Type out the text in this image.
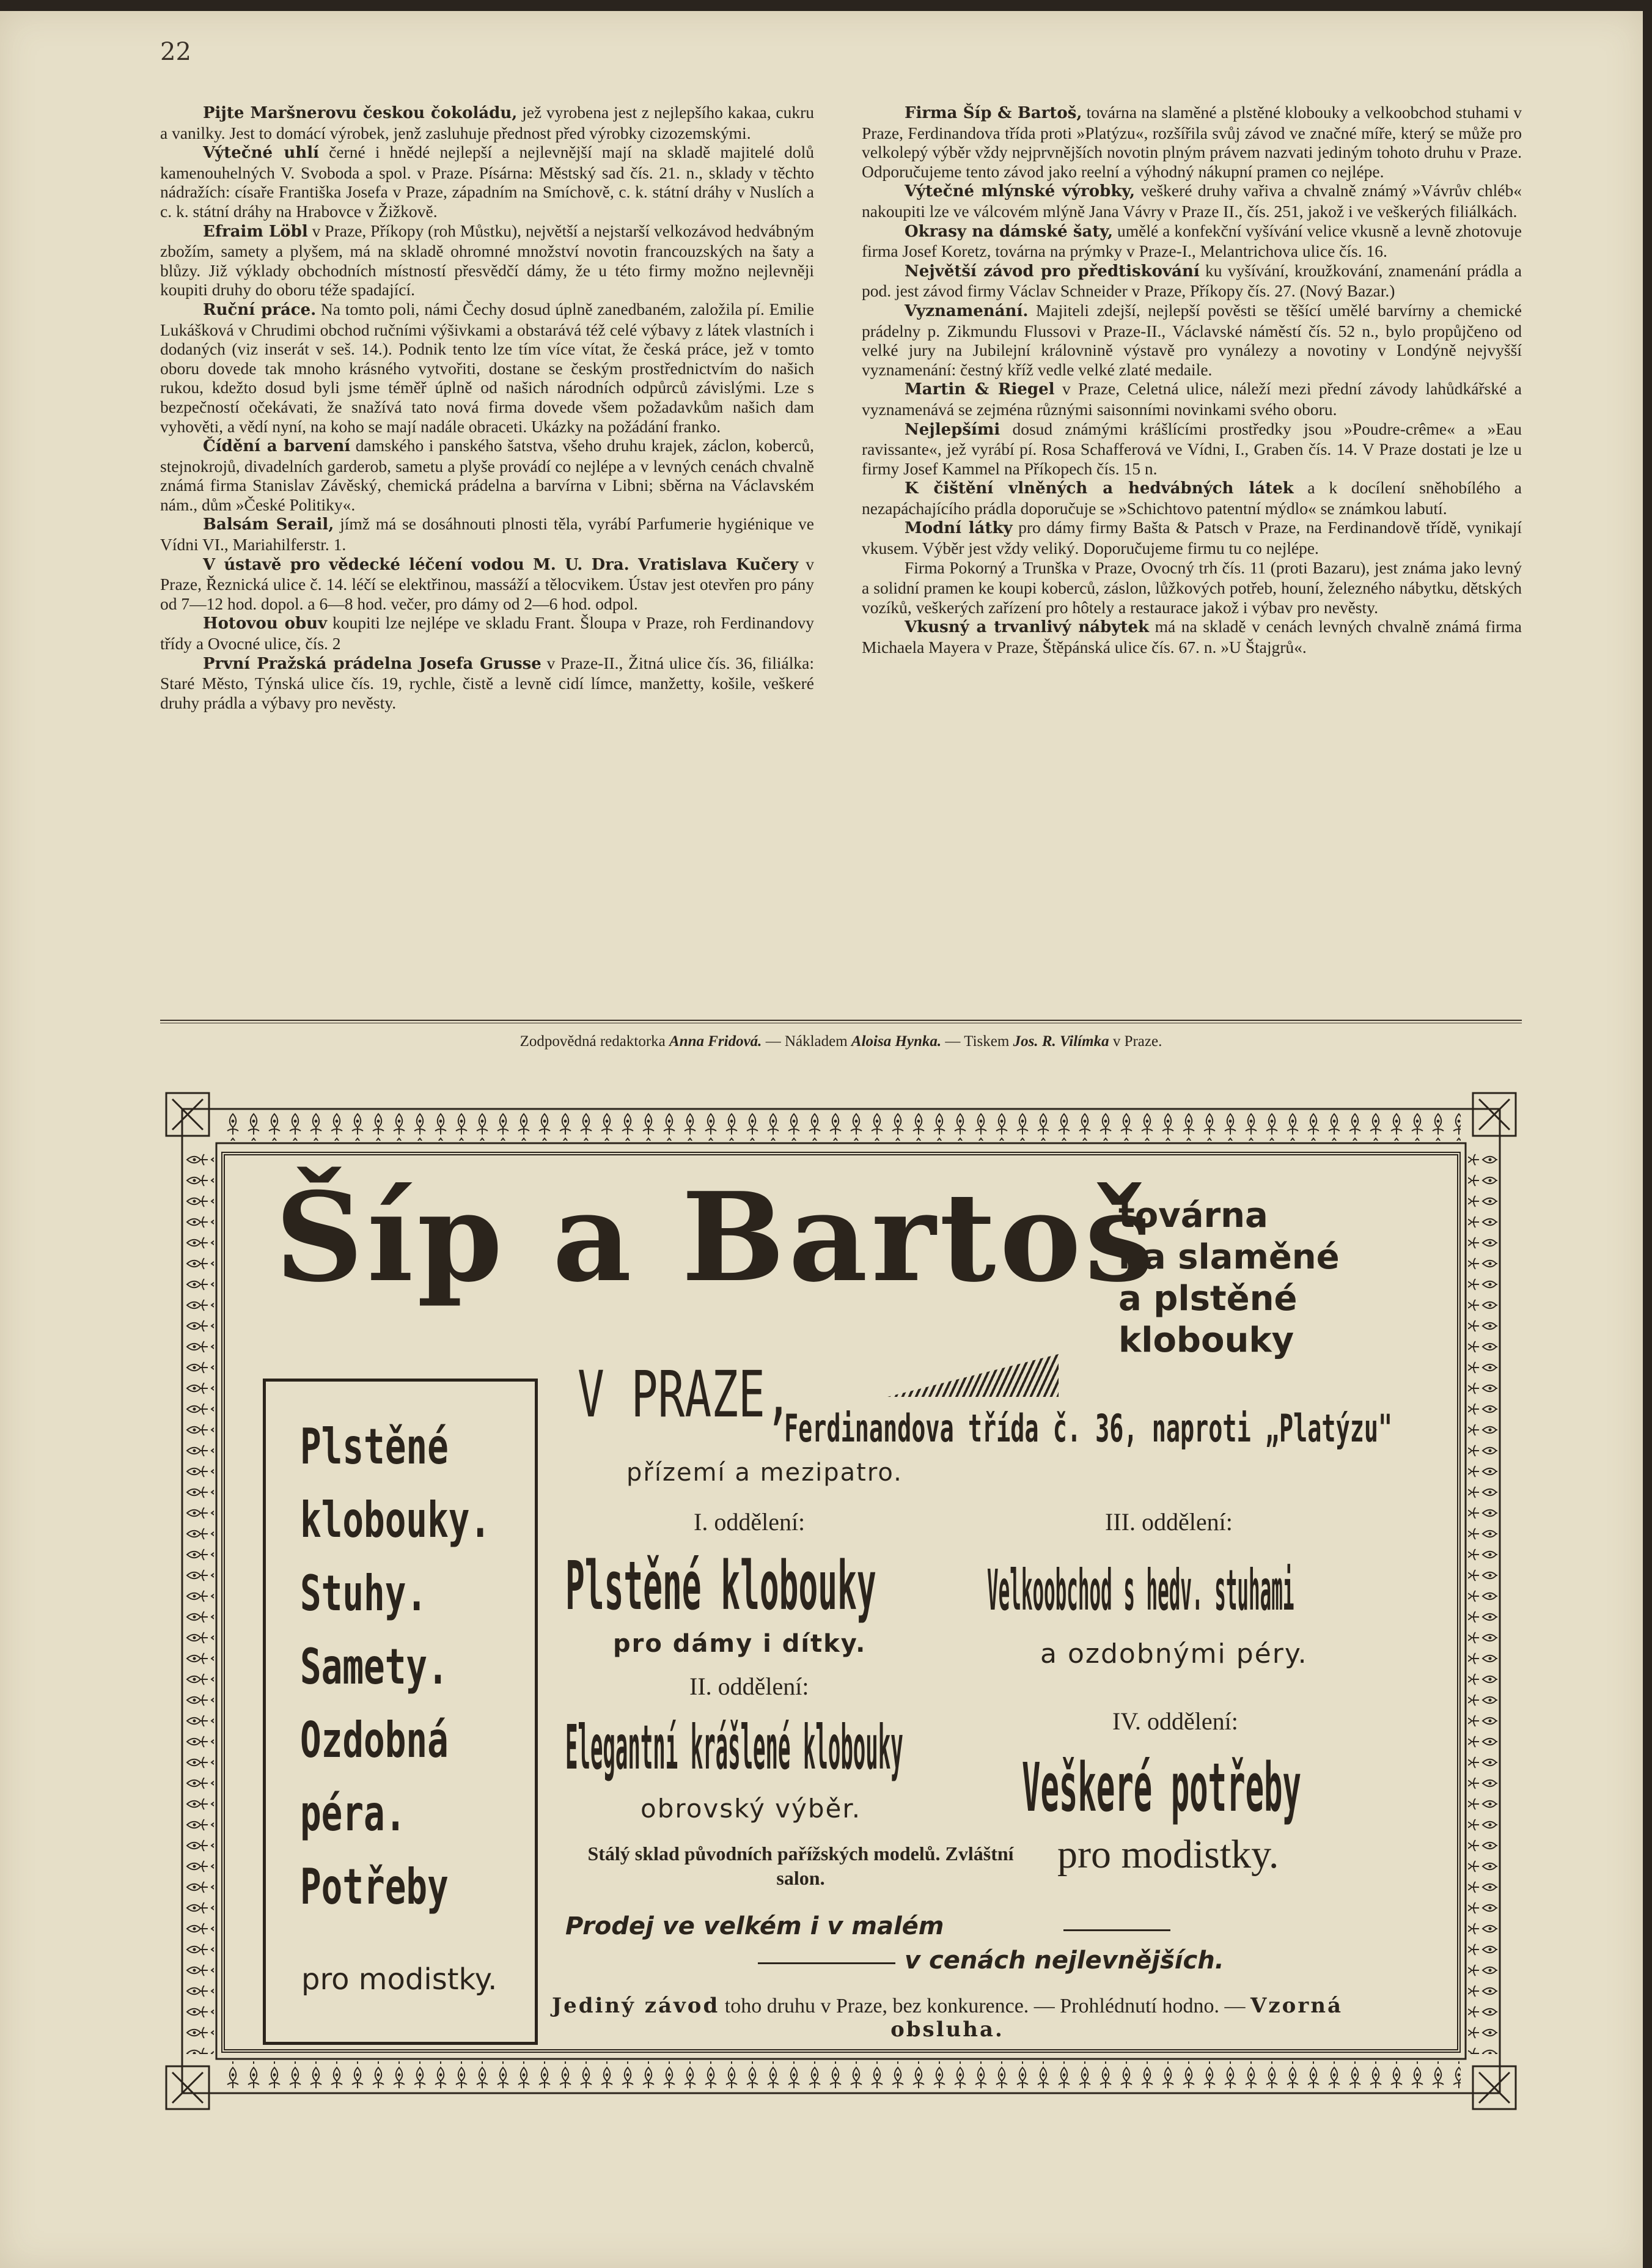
22

Pijte Maršnerovu českou čokoládu, jež vyrobena jest z nejlepšího kakaa, cukru a vanilky. Jest to domácí výrobek, jenž zasluhuje přednost před výrobky cizozemskými.

Výtečné uhlí černé i hnědé nejlepší a nejlevnější mají na skladě majitelé dolů kamenouhelných V. Svoboda a spol. v Praze. Písárna: Městský sad čís. 21. n., sklady v těchto nádražích: císaře Františka Josefa v Praze, západním na Smíchově, c. k. státní dráhy v Nuslích a c. k. státní dráhy na Hrabovce v Žižkově.

Efraim Löbl v Praze, Příkopy (roh Můstku), největší a nejstarší velkozávod hedvábným zbožím, samety a plyšem, má na skladě ohromné množství novotin francouzských na šaty a blůzy. Již výklady obchodních místností přesvědčí dámy, že u této firmy možno nejlevněji koupiti druhy do oboru téže spadající.

Ruční práce. Na tomto poli, námi Čechy dosud úplně zanedbaném, založila pí. Emilie Lukášková v Chrudimi obchod ručními výšivkami a obstarává též celé výbavy z látek vlastních i dodaných (viz inserát v seš. 14.). Podnik tento lze tím více vítat, že česká práce, jež v tomto oboru dovede tak mnoho krásného vytvořiti, dostane se českým prostřednictvím do našich rukou, kdežto dosud byli jsme téměř úplně od našich národních odpůrců závislými. Lze s bezpečností očekávati, že snažívá tato nová firma dovede všem požadavkům našich dam vyhověti, a vědí nyní, na koho se mají nadále obraceti. Ukázky na požádání franko.

Čídění a barvení damského i panského šatstva, všeho druhu krajek, záclon, koberců, stejnokrojů, divadelních garderob, sametu a plyše provádí co nejlépe a v levných cenách chvalně známá firma Stanislav Závěský, chemická prádelna a barvírna v Libni; sběrna na Václavském nám., dům »České Politiky«.

Balsám Serail, jímž má se dosáhnouti plnosti těla, vyrábí Parfumerie hygiénique ve Vídni VI., Mariahilferstr. 1.

V ústavě pro vědecké léčení vodou M. U. Dra. Vratislava Kučery v Praze, Řeznická ulice č. 14. léčí se elektřinou, massáží a tělocvikem. Ústav jest otevřen pro pány od 7—12 hod. dopol. a 6—8 hod. večer, pro dámy od 2—6 hod. odpol.

Hotovou obuv koupiti lze nejlépe ve skladu Frant. Šloupa v Praze, roh Ferdinandovy třídy a Ovocné ulice, čís. 2

První Pražská prádelna Josefa Grusse v Praze-II., Žitná ulice čís. 36, filiálka: Staré Město, Týnská ulice čís. 19, rychle, čistě a levně cidí límce, manžetty, košile, veškeré druhy prádla a výbavy pro nevěsty.

Firma Šíp & Bartoš, továrna na slaměné a plstěné klobouky a velkoobchod stuhami v Praze, Ferdinandova třída proti »Platýzu«, rozšířila svůj závod ve značné míře, který se může pro velkolepý výběr vždy nejprvnějších novotin plným právem nazvati jediným tohoto druhu v Praze. Odporučujeme tento závod jako reelní a výhodný nákupní pramen co nejlépe.

Výtečné mlýnské výrobky, veškeré druhy vařiva a chvalně známý »Vávrův chléb« nakoupiti lze ve válcovém mlýně Jana Vávry v Praze II., čís. 251, jakož i ve veškerých filiálkách.

Okrasy na dámské šaty, umělé a konfekční vyšívání velice vkusně a levně zhotovuje firma Josef Koretz, továrna na prýmky v Praze-I., Melantrichova ulice čís. 16.

Největší závod pro předtiskování ku vyšívání, kroužkování, znamenání prádla a pod. jest závod firmy Václav Schneider v Praze, Příkopy čís. 27. (Nový Bazar.)

Vyznamenání. Majiteli zdejší, nejlepší pověsti se těšící umělé barvírny a chemické prádelny p. Zikmundu Flussovi v Praze-II., Václavské náměstí čís. 52 n., bylo propůjčeno od velké jury na Jubilejní královnině výstavě pro vynálezy a novotiny v Londýně nejvyšší vyznamenání: čestný kříž vedle velké zlaté medaile.

Martin & Riegel v Praze, Celetná ulice, náleží mezi přední závody lahůdkářské a vyznamenává se zejména různými saisonními novinkami svého oboru.

Nejlepšími dosud známými krášlícími prostředky jsou »Poudre-crême« a »Eau ravissante«, jež vyrábí pí. Rosa Schafferová ve Vídni, I., Graben čís. 14. V Praze dostati je lze u firmy Josef Kammel na Příkopech čís. 15 n.

K čištění vlněných a hedvábných látek a k docílení sněhobílého a nezapáchajícího prádla doporučuje se »Schichtovo patentní mýdlo« se známkou labutí.

Modní látky pro dámy firmy Bašta & Patsch v Praze, na Ferdinandově třídě, vynikají vkusem. Výběr jest vždy veliký. Doporučujeme firmu tu co nejlépe.

Firma Pokorný a Trunška v Praze, Ovocný trh čís. 11 (proti Bazaru), jest známa jako levný a solidní pramen ke koupi koberců, záslon, lůžkových potřeb, houní, železného nábytku, dětských vozíků, veškerých zařízení pro hôtely a restaurace jakož i výbav pro nevěsty.

Vkusný a trvanlivý nábytek má na skladě v cenách levných chvalně známá firma Michaela Mayera v Praze, Štěpánská ulice čís. 67. n. »U Štajgrů«.

Zodpovědná redaktorka Anna Fridová. — Nákladem Aloisa Hynka. — Tiskem Jos. R. Vilímka v Praze.
Šíp a Bartoš
továrna
na slaměné
a plstěné
klobouky
Plstěné
klobouky.
Stuhy.
Samety.
Ozdobná
péra.
Potřeby
pro modistky.
V PRAZE,
Ferdinandova třída č. 36, naproti „Platýzu"
přízemí a mezipatro.
I. oddělení:
Plstěné klobouky
pro dámy i dítky.
II. oddělení:
Elegantní krášlené klobouky
obrovský výběr.
Stálý sklad původních pařížských modelů. Zvláštní salon.
III. oddělení:
Velkoobchod s hedv. stuhami
a ozdobnými péry.
IV. oddělení:
Veškeré potřeby
pro modistky.
Prodej ve velkém i v malém
v cenách nejlevnějších.
Jediný závod toho druhu v Praze, bez konkurence. — Prohlédnutí hodno. — Vzorná obsluha.
